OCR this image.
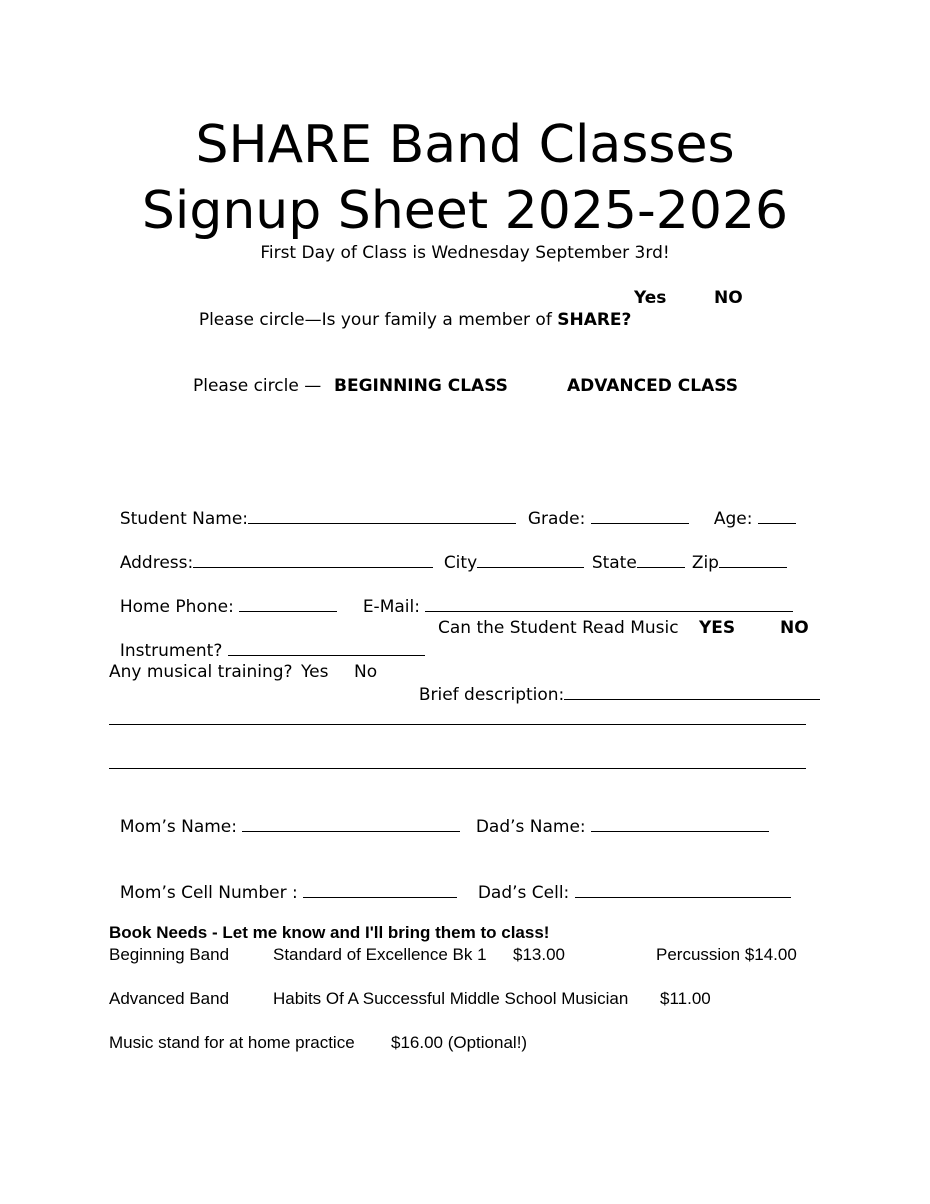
SHARE Band Classes
Signup Sheet 2025-2026
First Day of Class is Wednesday September 3rd!

Please circle—Is your family a member of SHARE?

Yes	NO
Please circle — BEGINNING CLASS	ADVANCED CLASS

Student Name:	Grade:	Age:

Address:	City	State	Zip

Home Phone:	E-Mail:

Instrument?

Can the Student Read Music YES	NO
Any musical training? Yes No

Brief description:

Mom’s Name:	Dad’s Name:

Mom’s Cell Number :	Dad’s Cell:

Book Needs - Let me know and I'll bring them to class!
Beginning Band	Standard of Excellence Bk 1 $13.00	Percussion $14.00
Advanced Band	Habits Of A Successful Middle School Musician $11.00
Music stand for at home practice $16.00 (Optional!)
